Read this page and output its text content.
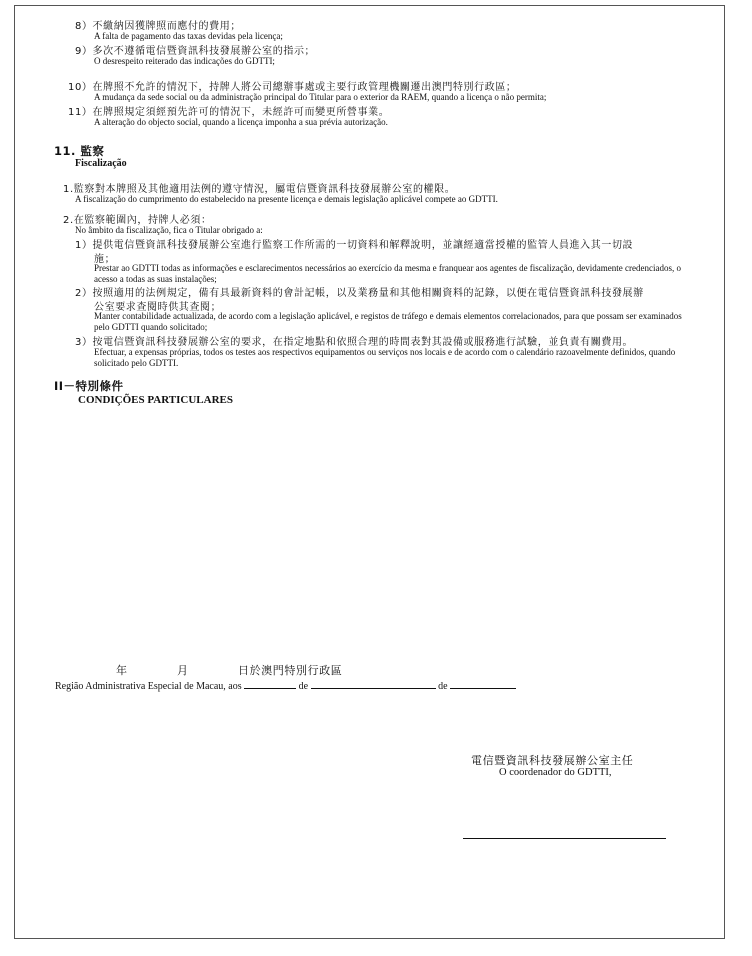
8）不繳納因獲牌照而應付的費用；
A falta de pagamento das taxas devidas pela licença;
9）多次不遵循電信暨資訊科技發展辦公室的指示；
O desrespeito reiterado das indicações do GDTTI;
10）在牌照不允許的情況下，持牌人將公司總辦事處或主要行政管理機關遷出澳門特別行政區；
A mudança da sede social ou da administração principal do Titular para o exterior da RAEM, quando a licença o não permita;
11）在牌照規定須經預先許可的情況下，未經許可而變更所營事業。
A alteração do objecto social, quando a licença imponha a sua prévia autorização.
11. 監察
Fiscalização
1.監察對本牌照及其他適用法例的遵守情況，屬電信暨資訊科技發展辦公室的權限。
A fiscalização do cumprimento do estabelecido na presente licença e demais legislação aplicável compete ao GDTTI.
2.在監察範圍內，持牌人必須：
No âmbito da fiscalização, fica o Titular obrigado a:
1）提供電信暨資訊科技發展辦公室進行監察工作所需的一切資料和解釋說明，並讓經適當授權的監管人員進入其一切設
施；
Prestar ao GDTTI todas as informações e esclarecimentos necessários ao exercício da mesma e franquear aos agentes de fiscalização, devidamente credenciados, o acesso a todas as suas instalações;
2）按照適用的法例規定，備有具最新資料的會計記帳，以及業務量和其他相關資料的記錄，以便在電信暨資訊科技發展辦
公室要求查閱時供其查閱；
Manter contabilidade actualizada, de acordo com a legislação aplicável, e registos de tráfego e demais elementos correlacionados, para que possam ser examinados pelo GDTTI quando solicitado;
3）按電信暨資訊科技發展辦公室的要求，在指定地點和依照合理的時間表對其設備或服務進行試驗，並負責有關費用。
Efectuar, a expensas próprias, todos os testes aos respectivos equipamentos ou serviços nos locais e de acordo com o calendário razoavelmente definidos, quando solicitado pelo GDTTI.
II－特別條件
CONDIÇÕES PARTICULARES
年	月	日於澳門特別行政區
Região Administrativa Especial de Macau, aos	de	de
電信暨資訊科技發展辦公室主任
O coordenador do GDTTI,
